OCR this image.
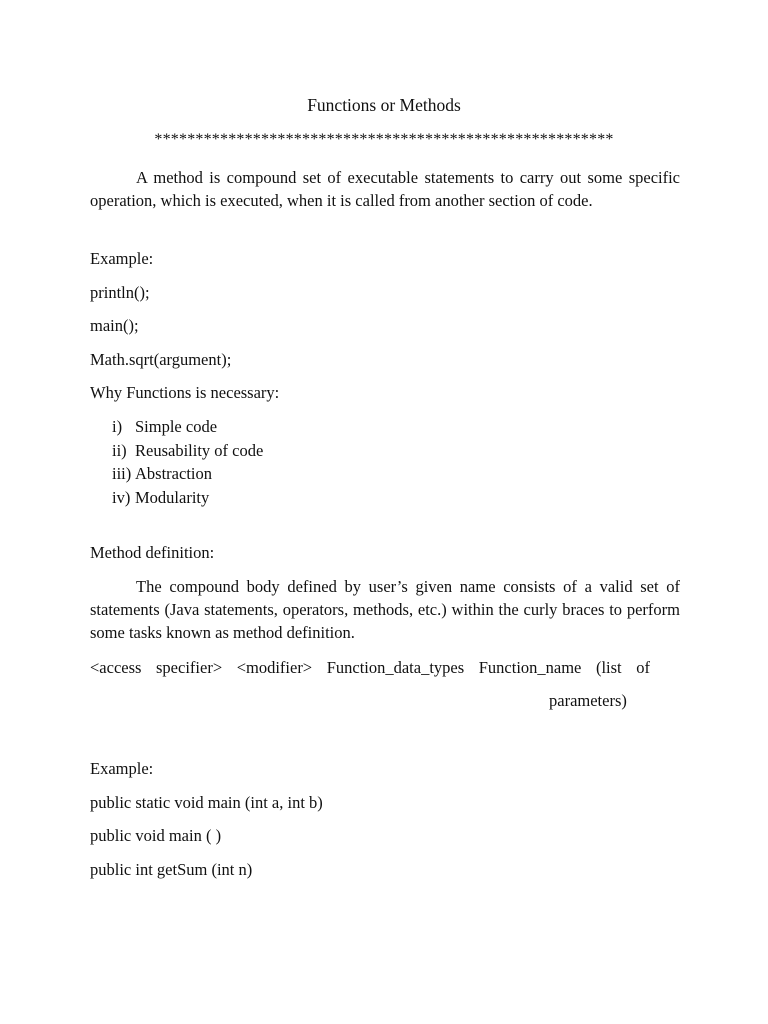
Functions or Methods
********************************************************

A method is compound set of executable statements to carry out some specific operation, which is executed, when it is called from another section of code.

Example:
println();
main();
Math.sqrt(argument);
Why Functions is necessary:
i) Simple code
ii) Reusability of code
iii) Abstraction
iv) Modularity
Method definition:

The compound body defined by user’s given name consists of a valid set of statements (Java statements, operators, methods, etc.) within the curly braces to perform some tasks known as method definition.

<access specifier> <modifier> Function_data_types Function_name (list of
parameters)
Example:
public static void main (int a, int b)
public void main ( )
public int getSum (int n)
